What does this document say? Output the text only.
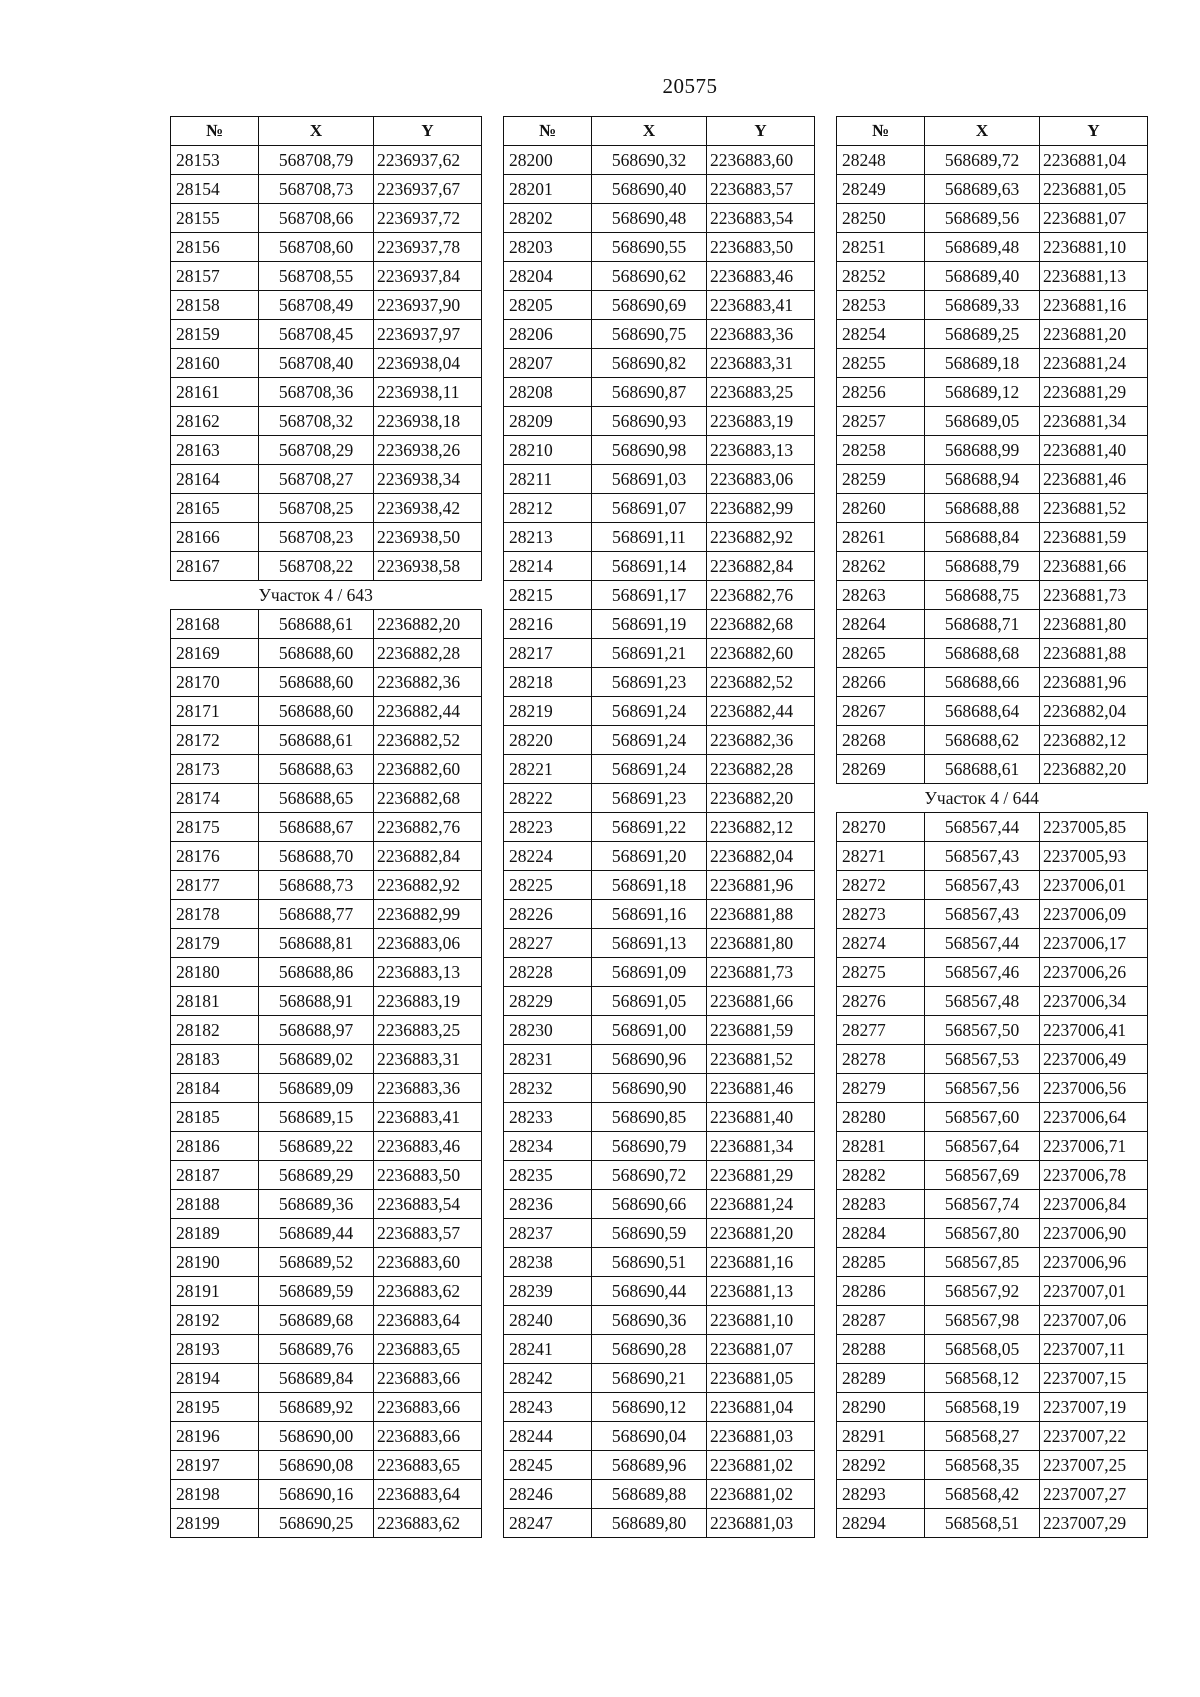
20575
№	X	Y
28153	568708,79	2236937,62
28154	568708,73	2236937,67
28155	568708,66	2236937,72
28156	568708,60	2236937,78
28157	568708,55	2236937,84
28158	568708,49	2236937,90
28159	568708,45	2236937,97
28160	568708,40	2236938,04
28161	568708,36	2236938,11
28162	568708,32	2236938,18
28163	568708,29	2236938,26
28164	568708,27	2236938,34
28165	568708,25	2236938,42
28166	568708,23	2236938,50
28167	568708,22	2236938,58
Участок 4 / 643		
28168	568688,61	2236882,20
28169	568688,60	2236882,28
28170	568688,60	2236882,36
28171	568688,60	2236882,44
28172	568688,61	2236882,52
28173	568688,63	2236882,60
28174	568688,65	2236882,68
28175	568688,67	2236882,76
28176	568688,70	2236882,84
28177	568688,73	2236882,92
28178	568688,77	2236882,99
28179	568688,81	2236883,06
28180	568688,86	2236883,13
28181	568688,91	2236883,19
28182	568688,97	2236883,25
28183	568689,02	2236883,31
28184	568689,09	2236883,36
28185	568689,15	2236883,41
28186	568689,22	2236883,46
28187	568689,29	2236883,50
28188	568689,36	2236883,54
28189	568689,44	2236883,57
28190	568689,52	2236883,60
28191	568689,59	2236883,62
28192	568689,68	2236883,64
28193	568689,76	2236883,65
28194	568689,84	2236883,66
28195	568689,92	2236883,66
28196	568690,00	2236883,66
28197	568690,08	2236883,65
28198	568690,16	2236883,64
28199	568690,25	2236883,62
№	X	Y
28200	568690,32	2236883,60
28201	568690,40	2236883,57
28202	568690,48	2236883,54
28203	568690,55	2236883,50
28204	568690,62	2236883,46
28205	568690,69	2236883,41
28206	568690,75	2236883,36
28207	568690,82	2236883,31
28208	568690,87	2236883,25
28209	568690,93	2236883,19
28210	568690,98	2236883,13
28211	568691,03	2236883,06
28212	568691,07	2236882,99
28213	568691,11	2236882,92
28214	568691,14	2236882,84
28215	568691,17	2236882,76
28216	568691,19	2236882,68
28217	568691,21	2236882,60
28218	568691,23	2236882,52
28219	568691,24	2236882,44
28220	568691,24	2236882,36
28221	568691,24	2236882,28
28222	568691,23	2236882,20
28223	568691,22	2236882,12
28224	568691,20	2236882,04
28225	568691,18	2236881,96
28226	568691,16	2236881,88
28227	568691,13	2236881,80
28228	568691,09	2236881,73
28229	568691,05	2236881,66
28230	568691,00	2236881,59
28231	568690,96	2236881,52
28232	568690,90	2236881,46
28233	568690,85	2236881,40
28234	568690,79	2236881,34
28235	568690,72	2236881,29
28236	568690,66	2236881,24
28237	568690,59	2236881,20
28238	568690,51	2236881,16
28239	568690,44	2236881,13
28240	568690,36	2236881,10
28241	568690,28	2236881,07
28242	568690,21	2236881,05
28243	568690,12	2236881,04
28244	568690,04	2236881,03
28245	568689,96	2236881,02
28246	568689,88	2236881,02
28247	568689,80	2236881,03
№	X	Y
28248	568689,72	2236881,04
28249	568689,63	2236881,05
28250	568689,56	2236881,07
28251	568689,48	2236881,10
28252	568689,40	2236881,13
28253	568689,33	2236881,16
28254	568689,25	2236881,20
28255	568689,18	2236881,24
28256	568689,12	2236881,29
28257	568689,05	2236881,34
28258	568688,99	2236881,40
28259	568688,94	2236881,46
28260	568688,88	2236881,52
28261	568688,84	2236881,59
28262	568688,79	2236881,66
28263	568688,75	2236881,73
28264	568688,71	2236881,80
28265	568688,68	2236881,88
28266	568688,66	2236881,96
28267	568688,64	2236882,04
28268	568688,62	2236882,12
28269	568688,61	2236882,20
Участок 4 / 644		
28270	568567,44	2237005,85
28271	568567,43	2237005,93
28272	568567,43	2237006,01
28273	568567,43	2237006,09
28274	568567,44	2237006,17
28275	568567,46	2237006,26
28276	568567,48	2237006,34
28277	568567,50	2237006,41
28278	568567,53	2237006,49
28279	568567,56	2237006,56
28280	568567,60	2237006,64
28281	568567,64	2237006,71
28282	568567,69	2237006,78
28283	568567,74	2237006,84
28284	568567,80	2237006,90
28285	568567,85	2237006,96
28286	568567,92	2237007,01
28287	568567,98	2237007,06
28288	568568,05	2237007,11
28289	568568,12	2237007,15
28290	568568,19	2237007,19
28291	568568,27	2237007,22
28292	568568,35	2237007,25
28293	568568,42	2237007,27
28294	568568,51	2237007,29
